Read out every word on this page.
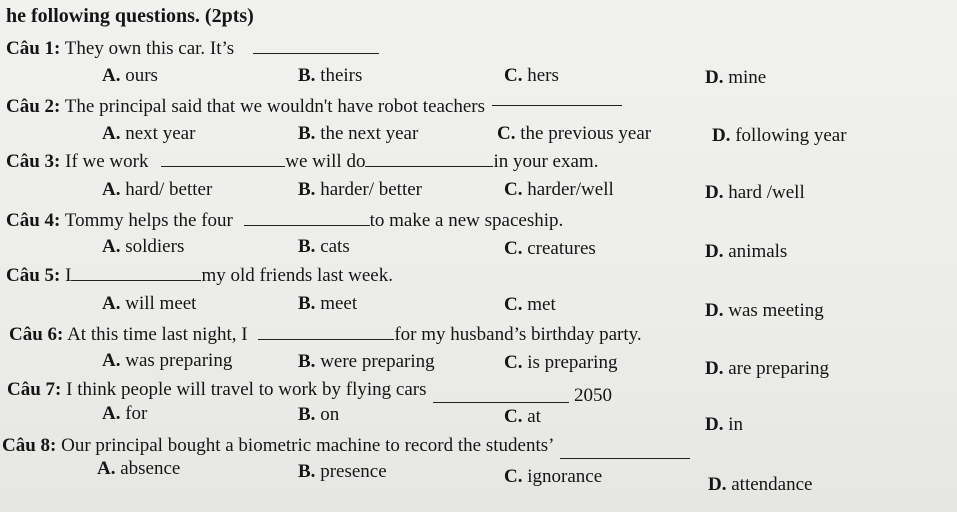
he following questions. (2pts)
Câu 1: They own this car. It’s
A. ours	B. theirs	C. hers	D. mine
Câu 2: The principal said that we wouldn't have robot teachers
A. next year	B. the next year	C. the previous year	D. following year
Câu 3: If we work	we will do	in your exam.
A. hard/ better	B. harder/ better	C. harder/well	D. hard /well
Câu 4: Tommy helps the four	to make a new spaceship.
A. soldiers	B. cats	C. creatures	D. animals
Câu 5: I	my old friends last week.
A. will meet	B. meet	C. met	D. was meeting
Câu 6: At this time last night, I	for my husband’s birthday party.
A. was preparing	B. were preparing	C. is preparing	D. are preparing
Câu 7: I think people will travel to work by flying cars	2050
A. for	B. on	C. at	D. in
Câu 8: Our principal bought a biometric machine to record the students’
A. absence	B. presence	C. ignorance	D. attendance
